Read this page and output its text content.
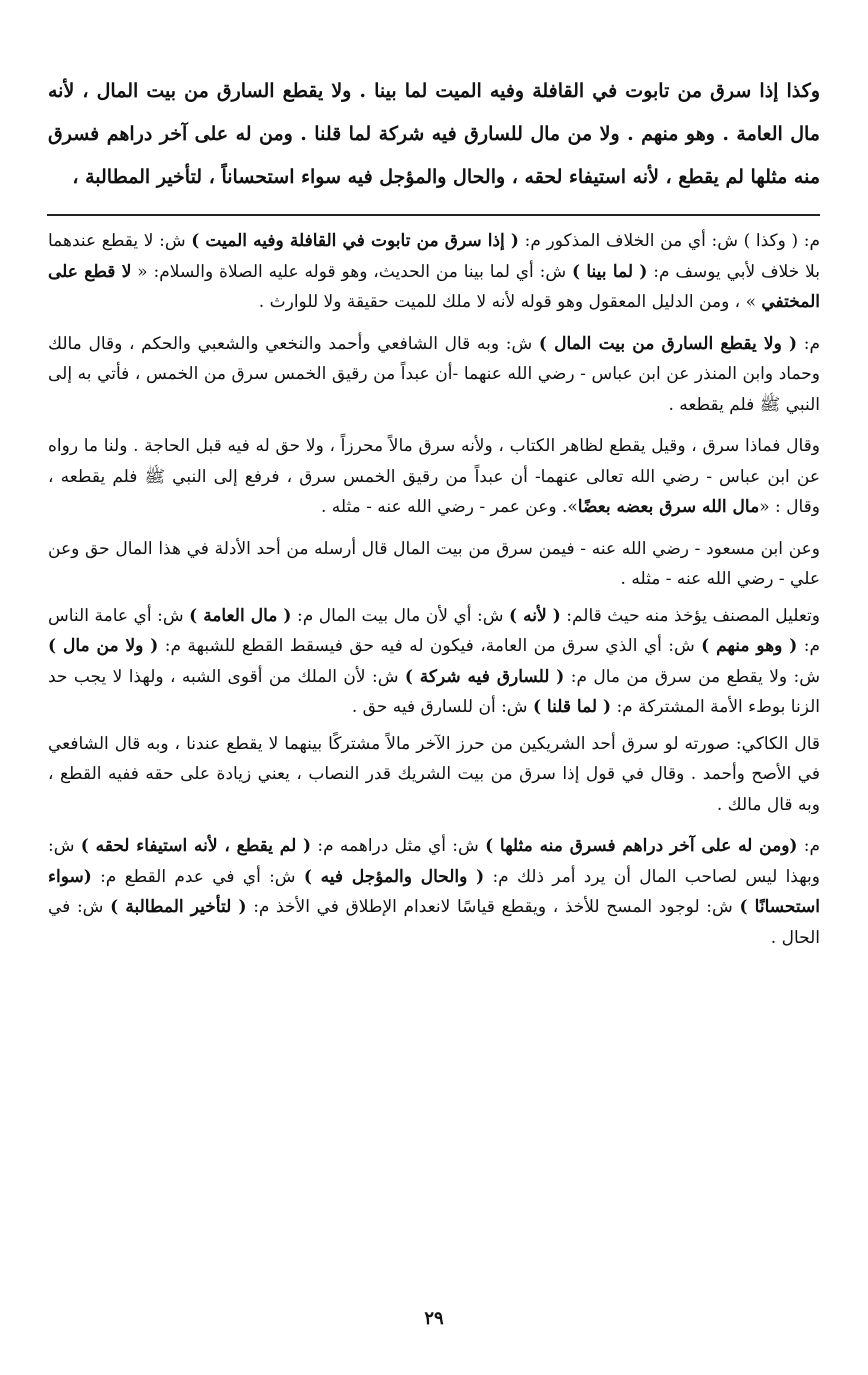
وكذا إذا سرق من تابوت في القافلة وفيه الميت لما بينا . ولا يقطع السارق من بيت المال ، لأنه مال العامة . وهو منهم . ولا من مال للسارق فيه شركة لما قلنا . ومن له على آخر دراهم فسرق منه مثلها لم يقطع ، لأنه استيفاء لحقه ، والحال والمؤجل فيه سواء استحساناً ، لتأخير المطالبة ،

م: ( وكذا ) ش: أي من الخلاف المذكور م: ( إذا سرق من تابوت في القافلة وفيه الميت ) ش: لا يقطع عندهما بلا خلاف لأبي يوسف م: ( لما بينا ) ش: أي لما بينا من الحديث، وهو قوله عليه الصلاة والسلام: « لا قطع على المختفي » ، ومن الدليل المعقول وهو قوله لأنه لا ملك للميت حقيقة ولا للوارث .

م: ( ولا يقطع السارق من بيت المال ) ش: وبه قال الشافعي وأحمد والنخعي والشعبي والحكم ، وقال مالك وحماد وابن المنذر عن ابن عباس - رضي الله عنهما -أن عبداً من رقيق الخمس سرق من الخمس ، فأتي به إلى النبي ﷺ فلم يقطعه .

وقال فماذا سرق ، وقيل يقطع لظاهر الكتاب ، ولأنه سرق مالاً محرزاً ، ولا حق له فيه قبل الحاجة . ولنا ما رواه عن ابن عباس - رضي الله تعالى عنهما- أن عبداً من رقيق الخمس سرق ، فرفع إلى النبي ﷺ فلم يقطعه ، وقال : «مال الله سرق بعضه بعضًا». وعن عمر - رضي الله عنه - مثله .

وعن ابن مسعود - رضي الله عنه - فيمن سرق من بيت المال قال أرسله من أحد الأدلة في هذا المال حق وعن علي - رضي الله عنه - مثله .

وتعليل المصنف يؤخذ منه حيث قالم: ( لأنه ) ش: أي لأن مال بيت المال م: ( مال العامة ) ش: أي عامة الناس م: ( وهو منهم ) ش: أي الذي سرق من العامة، فيكون له فيه حق فيسقط القطع للشبهة م: ( ولا من مال ) ش: ولا يقطع من سرق من مال م: ( للسارق فيه شركة ) ش: لأن الملك من أقوى الشبه ، ولهذا لا يجب حد الزنا بوطء الأمة المشتركة م: ( لما قلنا ) ش: أن للسارق فيه حق .

قال الكاكي: صورته لو سرق أحد الشريكين من حرز الآخر مالاً مشتركًا بينهما لا يقطع عندنا ، وبه قال الشافعي في الأصح وأحمد . وقال في قول إذا سرق من بيت الشريك قدر النصاب ، يعني زيادة على حقه ففيه القطع ، وبه قال مالك .

م: (ومن له على آخر دراهم فسرق منه مثلها ) ش: أي مثل دراهمه م: ( لم يقطع ، لأنه استيفاء لحقه ) ش: وبهذا ليس لصاحب المال أن يرد أمر ذلك م: ( والحال والمؤجل فيه ) ش: أي في عدم القطع م: (سواء استحسانًا ) ش: لوجود المسح للأخذ ، ويقطع قياسًا لانعدام الإطلاق في الأخذ م: ( لتأخير المطالبة ) ش: في الحال .

٢٩
